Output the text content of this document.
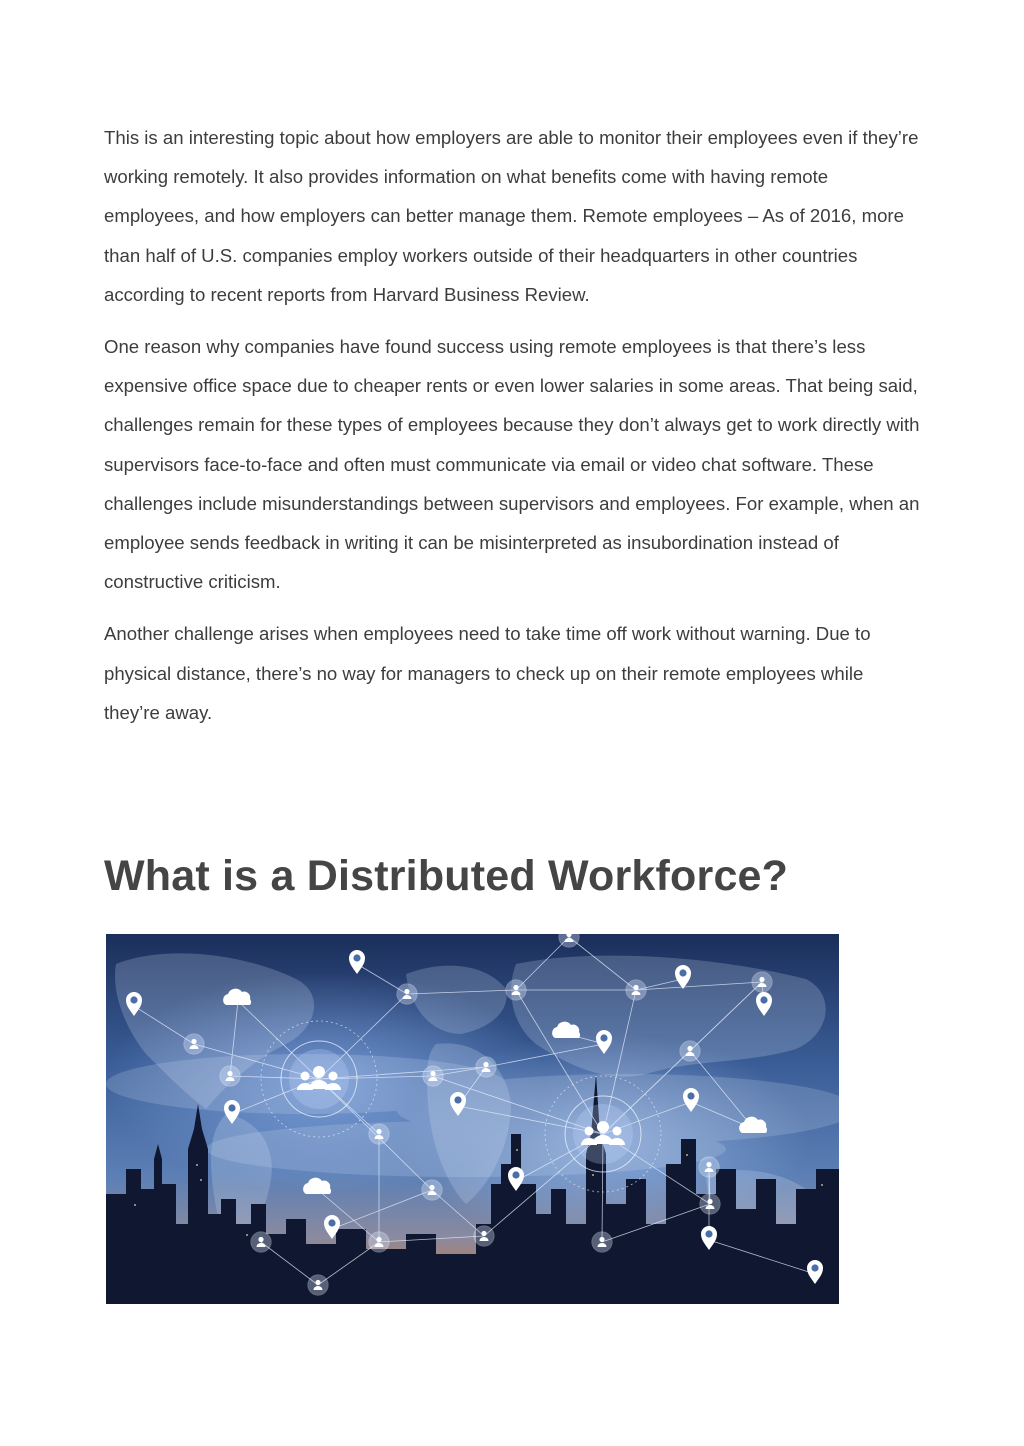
This is an interesting topic about how employers are able to monitor their employees even if they’re working remotely. It also provides information on what benefits come with having remote employees, and how employers can better manage them. Remote employees – As of 2016, more than half of U.S. companies employ workers outside of their headquarters in other countries according to recent reports from Harvard Business Review.

One reason why companies have found success using remote employees is that there’s less expensive office space due to cheaper rents or even lower salaries in some areas. That being said, challenges remain for these types of employees because they don’t always get to work directly with supervisors face-to-face and often must communicate via email or video chat software. These challenges include misunderstandings between supervisors and employees. For example, when an employee sends feedback in writing it can be misinterpreted as insubordination instead of constructive criticism.

Another challenge arises when employees need to take time off work without warning. Due to physical distance, there’s no way for managers to check up on their remote employees while they’re away.

What is a Distributed Workforce?
